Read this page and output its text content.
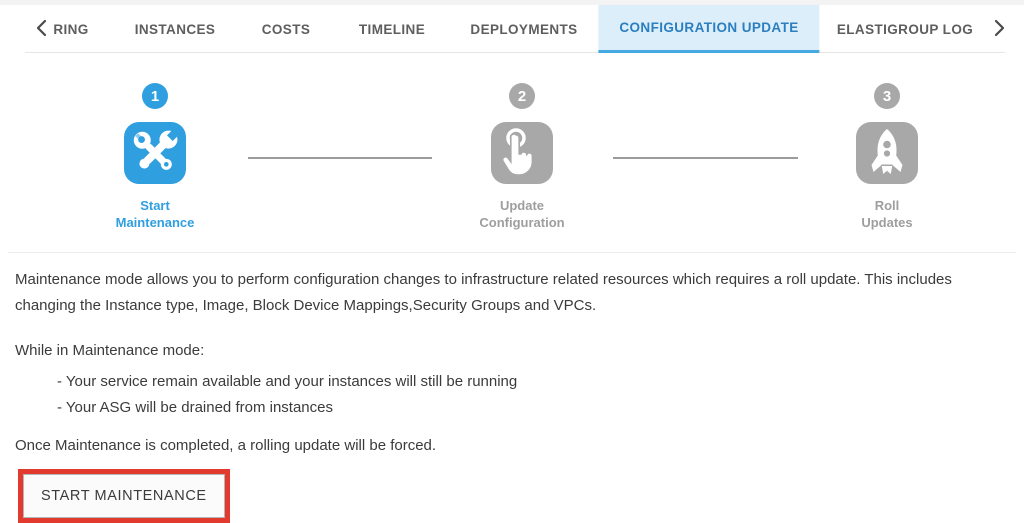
RING	INSTANCES	COSTS	TIMELINE	DEPLOYMENTS	CONFIGURATION UPDATE	ELASTIGROUP LOG
1
Start
Maintenance
2
Update
Configuration
3
Roll
Updates

Maintenance mode allows you to perform configuration changes to infrastructure related resources which requires a roll update. This includes changing the Instance type, Image, Block Device Mappings,Security Groups and VPCs.

While in Maintenance mode:

- Your service remain available and your instances will still be running
- Your ASG will be drained from instances

Once Maintenance is completed, a rolling update will be forced.

START MAINTENANCE
